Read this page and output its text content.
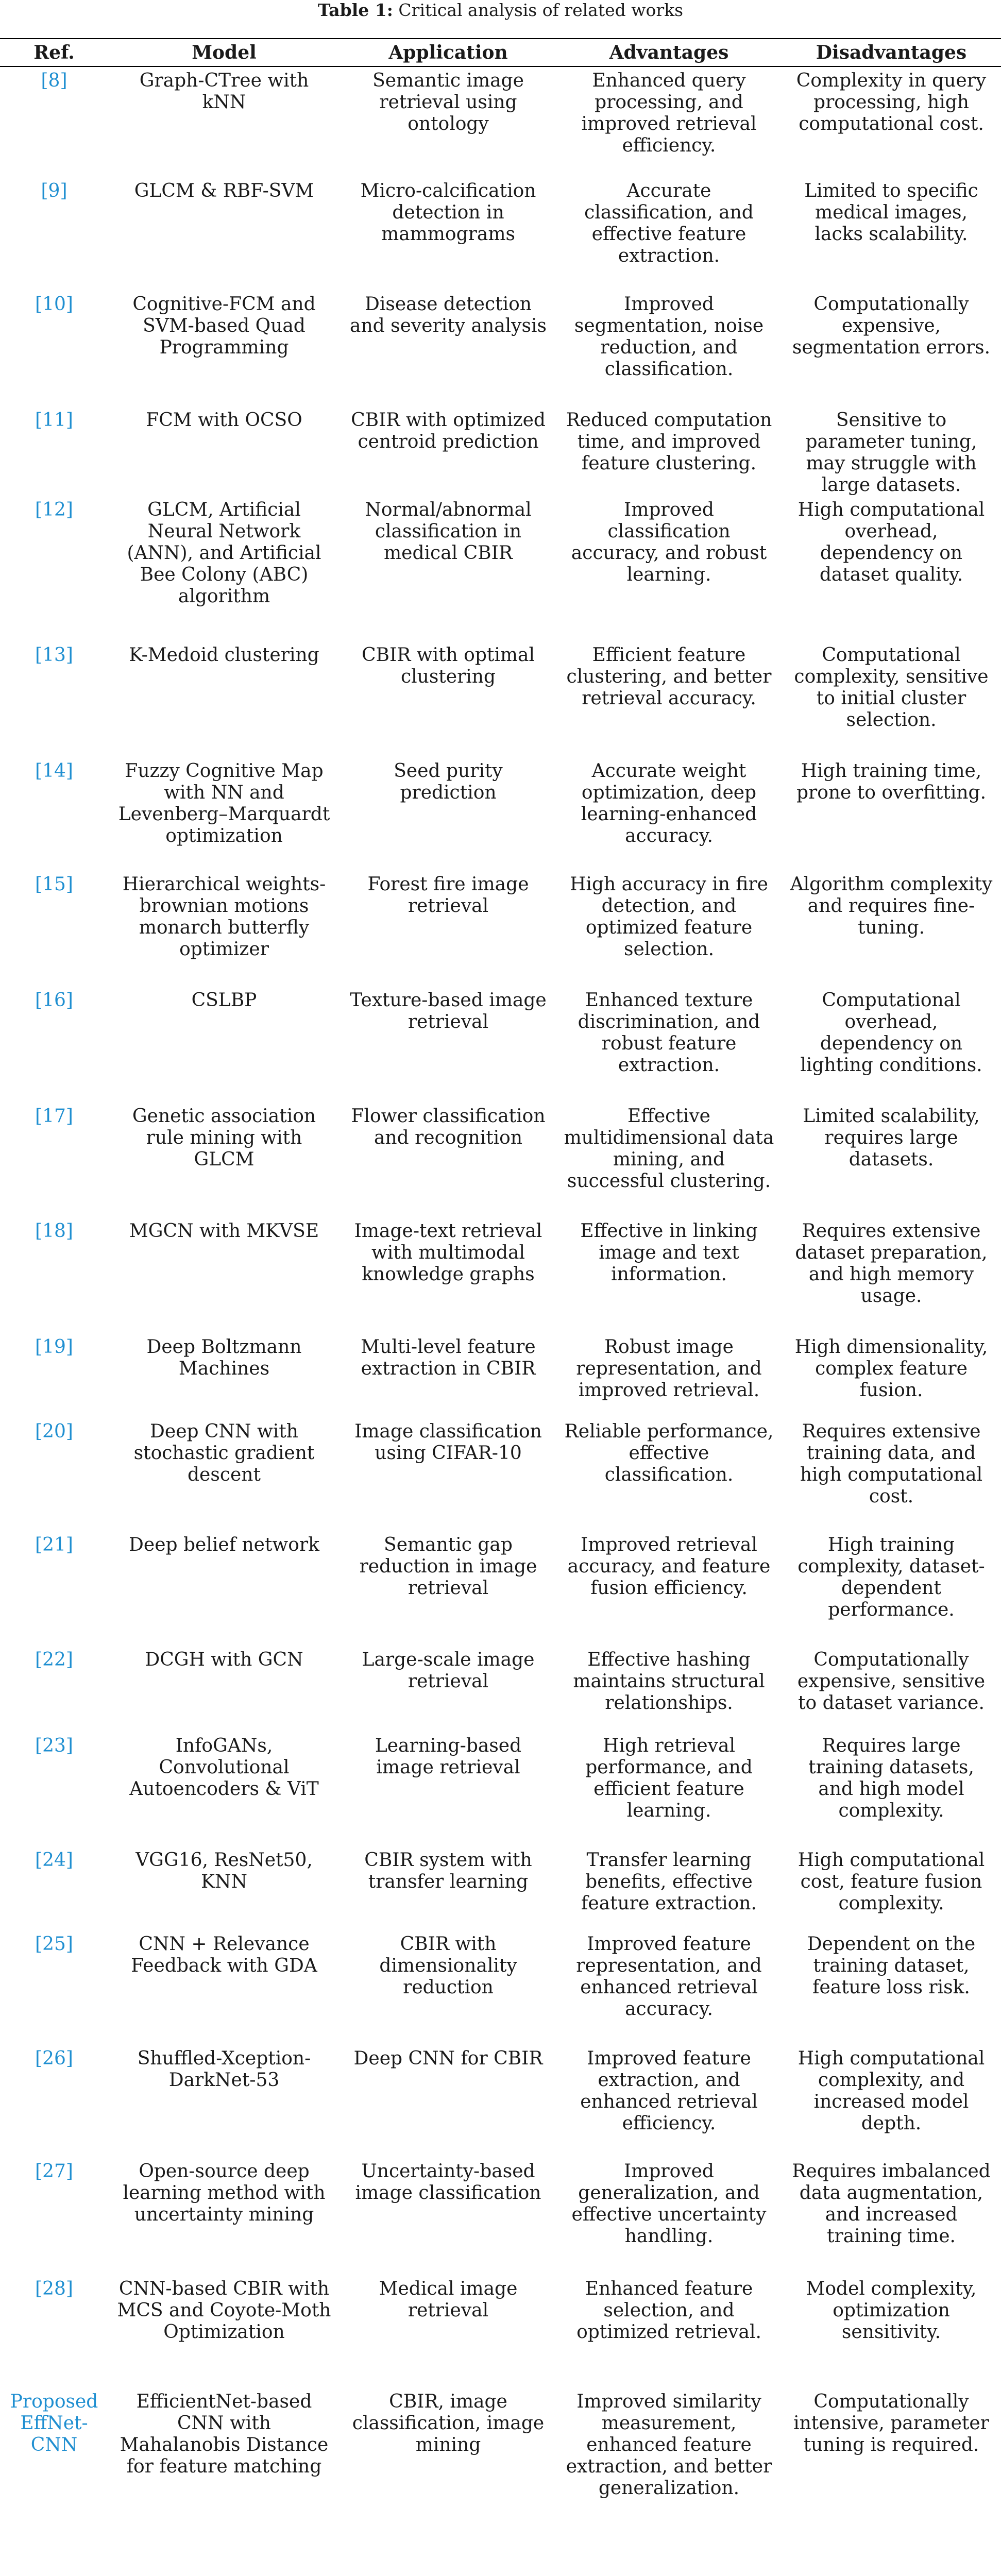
Table 1: Critical analysis of related works
Ref.	Model	Application	Advantages	Disadvantages
[8]	Graph-CTree with kNN	Semantic image retrieval using ontology	Enhanced query processing, and improved retrieval efficiency.	Complexity in query processing, high computational cost.
[9]	GLCM & RBF-SVM	Micro-calcification detection in mammograms	Accurate classification, and effective feature extraction.	Limited to specific medical images, lacks scalability.
[10]	Cognitive-FCM and SVM-based Quad Programming	Disease detection and severity analysis	Improved segmentation, noise reduction, and classification.	Computationally expensive, segmentation errors.
[11]	FCM with OCSO	CBIR with optimized centroid prediction	Reduced computation time, and improved feature clustering.	Sensitive to parameter tuning, may struggle with large datasets.
[12]	GLCM, Artificial Neural Network (ANN), and Artificial Bee Colony (ABC) algorithm	Normal/abnormal classification in medical CBIR	Improved classification accuracy, and robust learning.	High computational overhead, dependency on dataset quality.
[13]	K-Medoid clustering	CBIR with optimal clustering	Efficient feature clustering, and better retrieval accuracy.	Computational complexity, sensitive to initial cluster selection.
[14]	Fuzzy Cognitive Map with NN and Levenberg–Marquardt optimization	Seed purity prediction	Accurate weight optimization, deep learning-enhanced accuracy.	High training time, prone to overfitting.
[15]	Hierarchical weights-brownian motions monarch butterfly optimizer	Forest fire image retrieval	High accuracy in fire detection, and optimized feature selection.	Algorithm complexity and requires fine-tuning.
[16]	CSLBP	Texture-based image retrieval	Enhanced texture discrimination, and robust feature extraction.	Computational overhead, dependency on lighting conditions.
[17]	Genetic association rule mining with GLCM	Flower classification and recognition	Effective multidimensional data mining, and successful clustering.	Limited scalability, requires large datasets.
[18]	MGCN with MKVSE	Image-text retrieval with multimodal knowledge graphs	Effective in linking image and text information.	Requires extensive dataset preparation, and high memory usage.
[19]	Deep Boltzmann Machines	Multi-level feature extraction in CBIR	Robust image representation, and improved retrieval.	High dimensionality, complex feature fusion.
[20]	Deep CNN with stochastic gradient descent	Image classification using CIFAR-10	Reliable performance, effective classification.	Requires extensive training data, and high computational cost.
[21]	Deep belief network	Semantic gap reduction in image retrieval	Improved retrieval accuracy, and feature fusion efficiency.	High training complexity, dataset-dependent performance.
[22]	DCGH with GCN	Large-scale image retrieval	Effective hashing maintains structural relationships.	Computationally expensive, sensitive to dataset variance.
[23]	InfoGANs, Convolutional Autoencoders & ViT	Learning-based image retrieval	High retrieval performance, and efficient feature learning.	Requires large training datasets, and high model complexity.
[24]	VGG16, ResNet50, KNN	CBIR system with transfer learning	Transfer learning benefits, effective feature extraction.	High computational cost, feature fusion complexity.
[25]	CNN + Relevance Feedback with GDA	CBIR with dimensionality reduction	Improved feature representation, and enhanced retrieval accuracy.	Dependent on the training dataset, feature loss risk.
[26]	Shuffled-Xception-DarkNet-53	Deep CNN for CBIR	Improved feature extraction, and enhanced retrieval efficiency.	High computational complexity, and increased model depth.
[27]	Open-source deep learning method with uncertainty mining	Uncertainty-based image classification	Improved generalization, and effective uncertainty handling.	Requires imbalanced data augmentation, and increased training time.
[28]	CNN-based CBIR with MCS and Coyote-Moth Optimization	Medical image retrieval	Enhanced feature selection, and optimized retrieval.	Model complexity, optimization sensitivity.
Proposed EffNet-CNN	EfficientNet-based CNN with Mahalanobis Distance for feature matching	CBIR, image classification, image mining	Improved similarity measurement, enhanced feature extraction, and better generalization.	Computationally intensive, parameter tuning is required.
